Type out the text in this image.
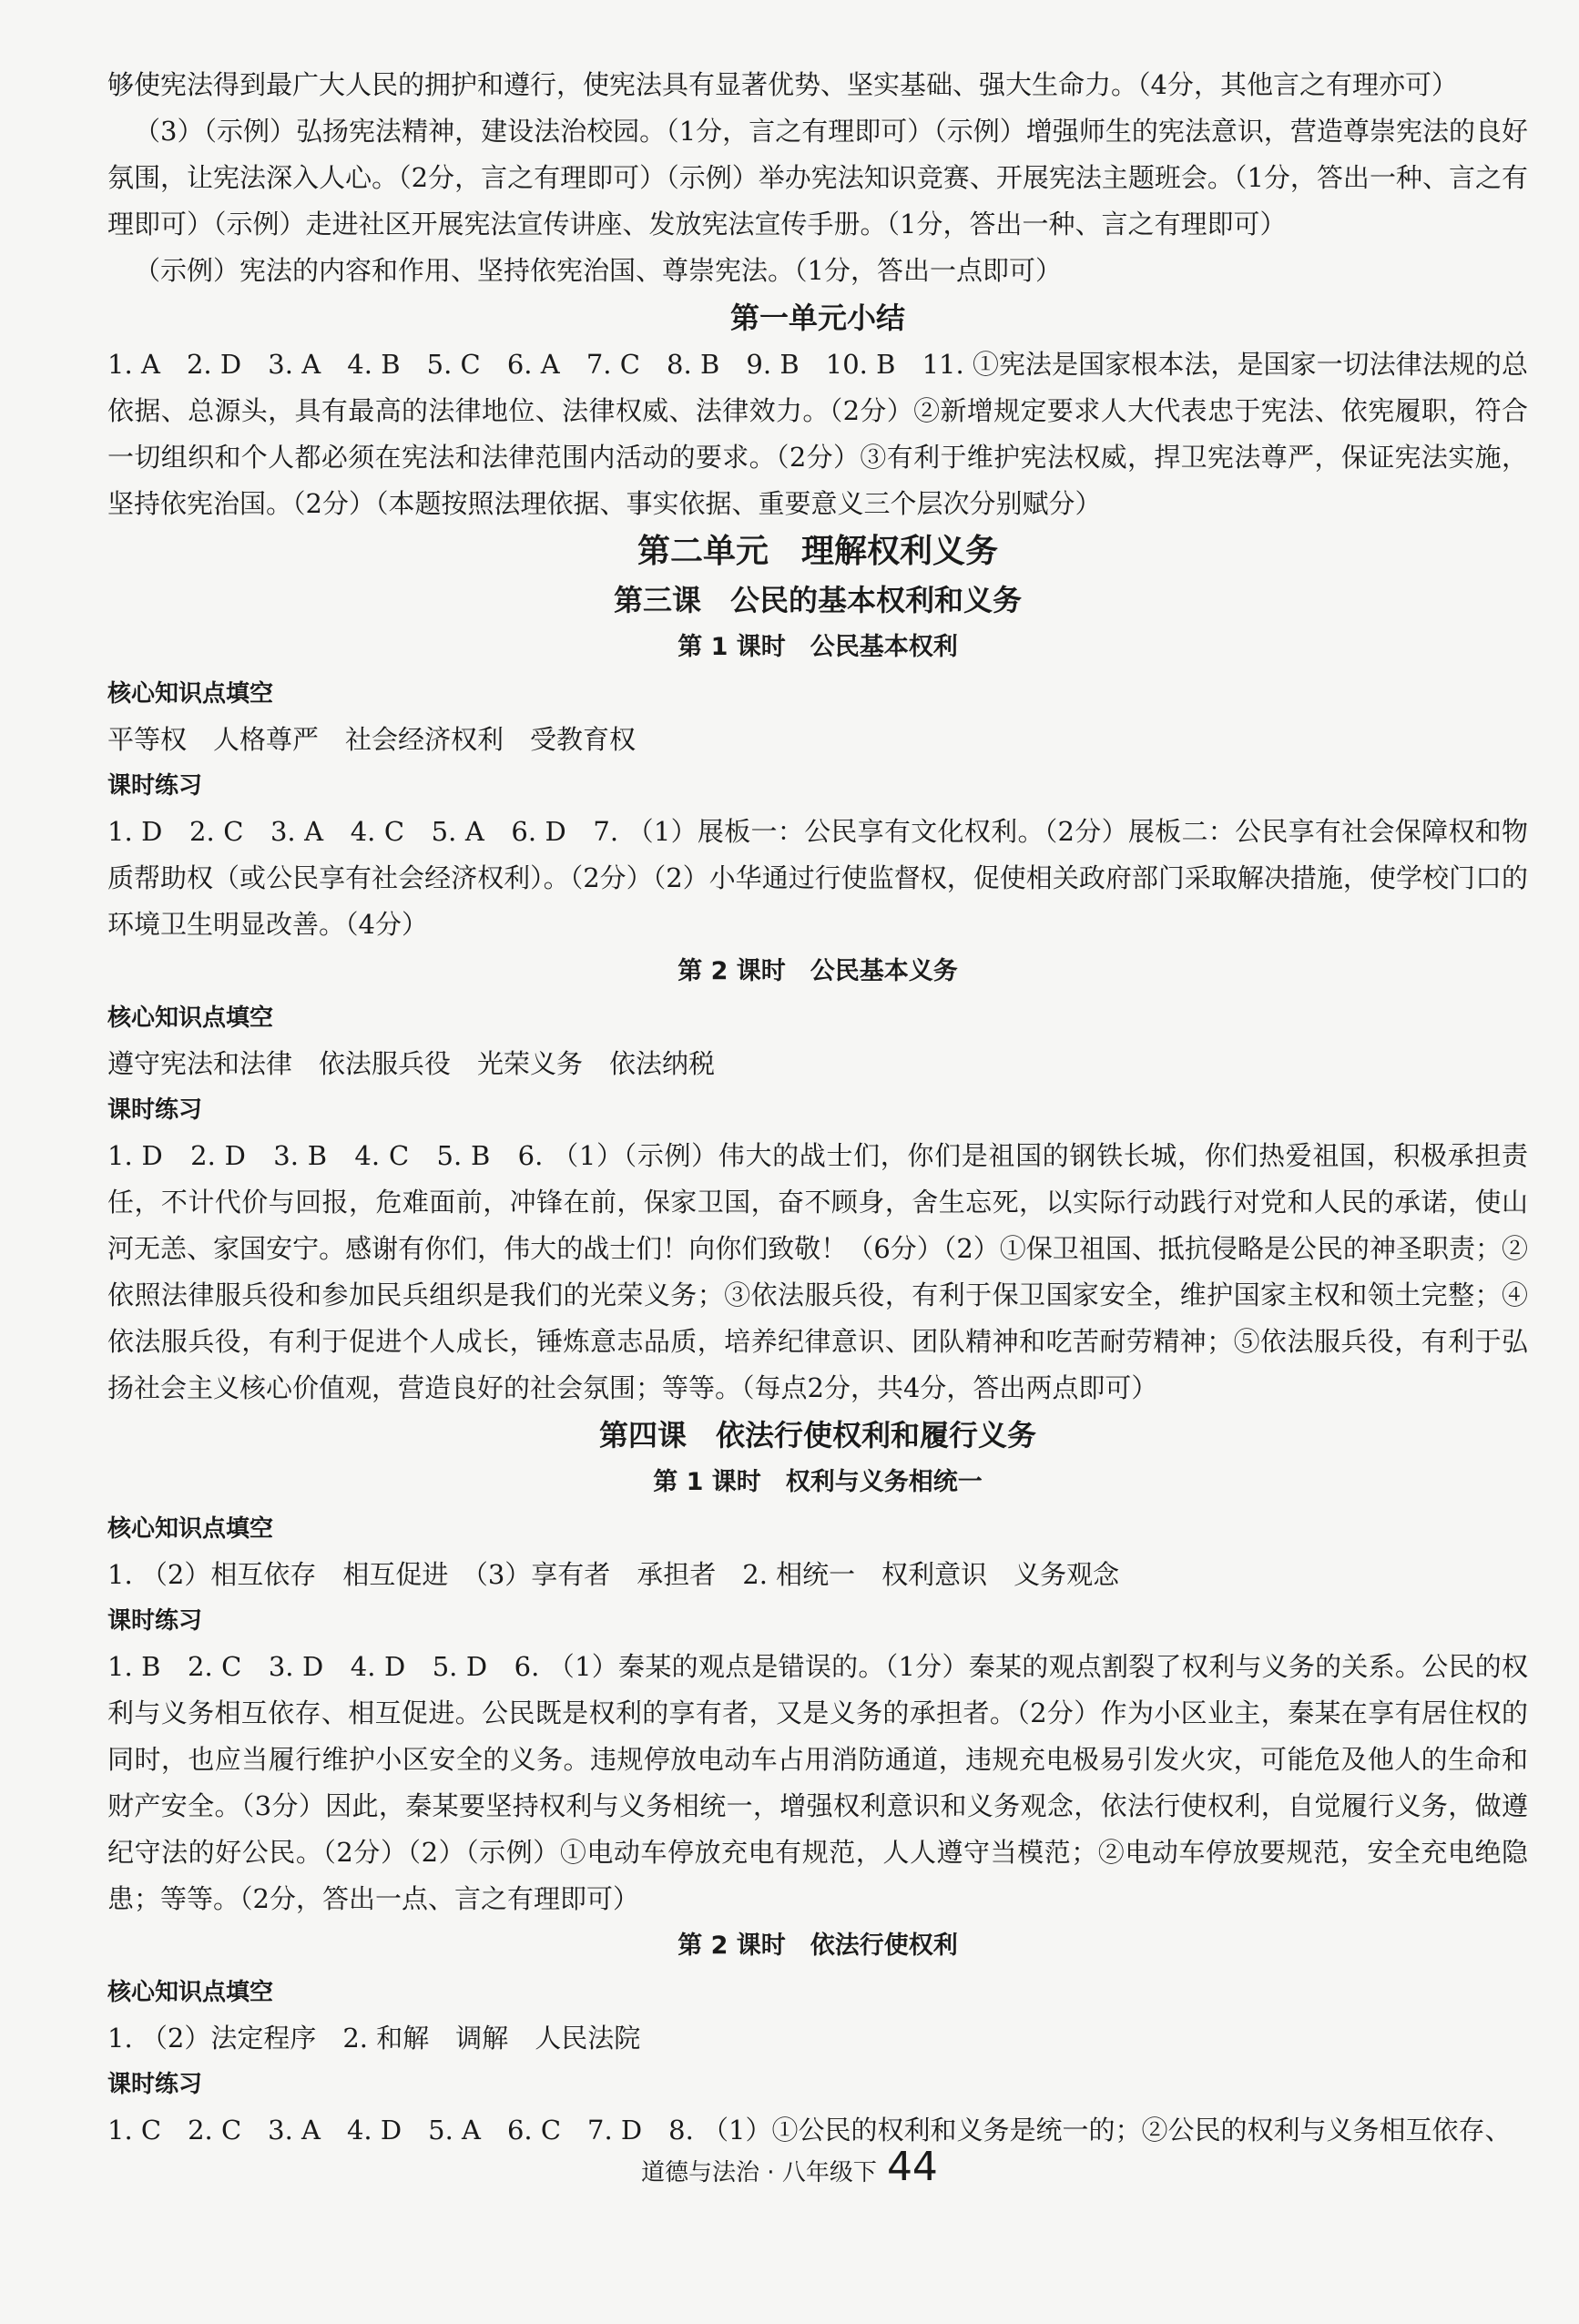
够使宪法得到最广大人民的拥护和遵行，使宪法具有显著优势、坚实基础、强大生命力。（4分，其他言之有理亦可）

（3）（示例）弘扬宪法精神，建设法治校园。（1分，言之有理即可）（示例）增强师生的宪法意识，营造尊崇宪法的良好氛围，让宪法深入人心。（2分，言之有理即可）（示例）举办宪法知识竞赛、开展宪法主题班会。（1分，答出一种、言之有理即可）（示例）走进社区开展宪法宣传讲座、发放宪法宣传手册。（1分，答出一种、言之有理即可）

（示例）宪法的内容和作用、坚持依宪治国、尊崇宪法。（1分，答出一点即可）

第一单元小结

1. A　2. D　3. A　4. B　5. C　6. A　7. C　8. B　9. B　10. B　11. ①宪法是国家根本法，是国家一切法律法规的总依据、总源头，具有最高的法律地位、法律权威、法律效力。（2分）②新增规定要求人大代表忠于宪法、依宪履职，符合一切组织和个人都必须在宪法和法律范围内活动的要求。（2分）③有利于维护宪法权威，捍卫宪法尊严，保证宪法实施，坚持依宪治国。（2分）（本题按照法理依据、事实依据、重要意义三个层次分别赋分）

第二单元　理解权利义务

第三课　公民的基本权利和义务

第 1 课时　公民基本权利

核心知识点填空

平等权　人格尊严　社会经济权利　受教育权

课时练习

1. D　2. C　3. A　4. C　5. A　6. D　7. （1）展板一：公民享有文化权利。（2分）展板二：公民享有社会保障权和物质帮助权（或公民享有社会经济权利）。（2分）（2）小华通过行使监督权，促使相关政府部门采取解决措施，使学校门口的环境卫生明显改善。（4分）

第 2 课时　公民基本义务

核心知识点填空

遵守宪法和法律　依法服兵役　光荣义务　依法纳税

课时练习

1. D　2. D　3. B　4. C　5. B　6. （1）（示例）伟大的战士们，你们是祖国的钢铁长城，你们热爱祖国，积极承担责任，不计代价与回报，危难面前，冲锋在前，保家卫国，奋不顾身，舍生忘死，以实际行动践行对党和人民的承诺，使山河无恙、家国安宁。感谢有你们，伟大的战士们！向你们致敬！（6分）（2）①保卫祖国、抵抗侵略是公民的神圣职责；②依照法律服兵役和参加民兵组织是我们的光荣义务；③依法服兵役，有利于保卫国家安全，维护国家主权和领土完整；④依法服兵役，有利于促进个人成长，锤炼意志品质，培养纪律意识、团队精神和吃苦耐劳精神；⑤依法服兵役，有利于弘扬社会主义核心价值观，营造良好的社会氛围；等等。（每点2分，共4分，答出两点即可）

第四课　依法行使权利和履行义务

第 1 课时　权利与义务相统一

核心知识点填空

1. （2）相互依存　相互促进　（3）享有者　承担者　2. 相统一　权利意识　义务观念

课时练习

1. B　2. C　3. D　4. D　5. D　6. （1）秦某的观点是错误的。（1分）秦某的观点割裂了权利与义务的关系。公民的权利与义务相互依存、相互促进。公民既是权利的享有者，又是义务的承担者。（2分）作为小区业主，秦某在享有居住权的同时，也应当履行维护小区安全的义务。违规停放电动车占用消防通道，违规充电极易引发火灾，可能危及他人的生命和财产安全。（3分）因此，秦某要坚持权利与义务相统一，增强权利意识和义务观念，依法行使权利，自觉履行义务，做遵纪守法的好公民。（2分）（2）（示例）①电动车停放充电有规范，人人遵守当模范；②电动车停放要规范，安全充电绝隐患；等等。（2分，答出一点、言之有理即可）

第 2 课时　依法行使权利

核心知识点填空

1. （2）法定程序　2. 和解　调解　人民法院

课时练习

1. C　2. C　3. A　4. D　5. A　6. C　7. D　8. （1）①公民的权利和义务是统一的；②公民的权利与义务相互依存、

道德与法治 · 八年级下 44
